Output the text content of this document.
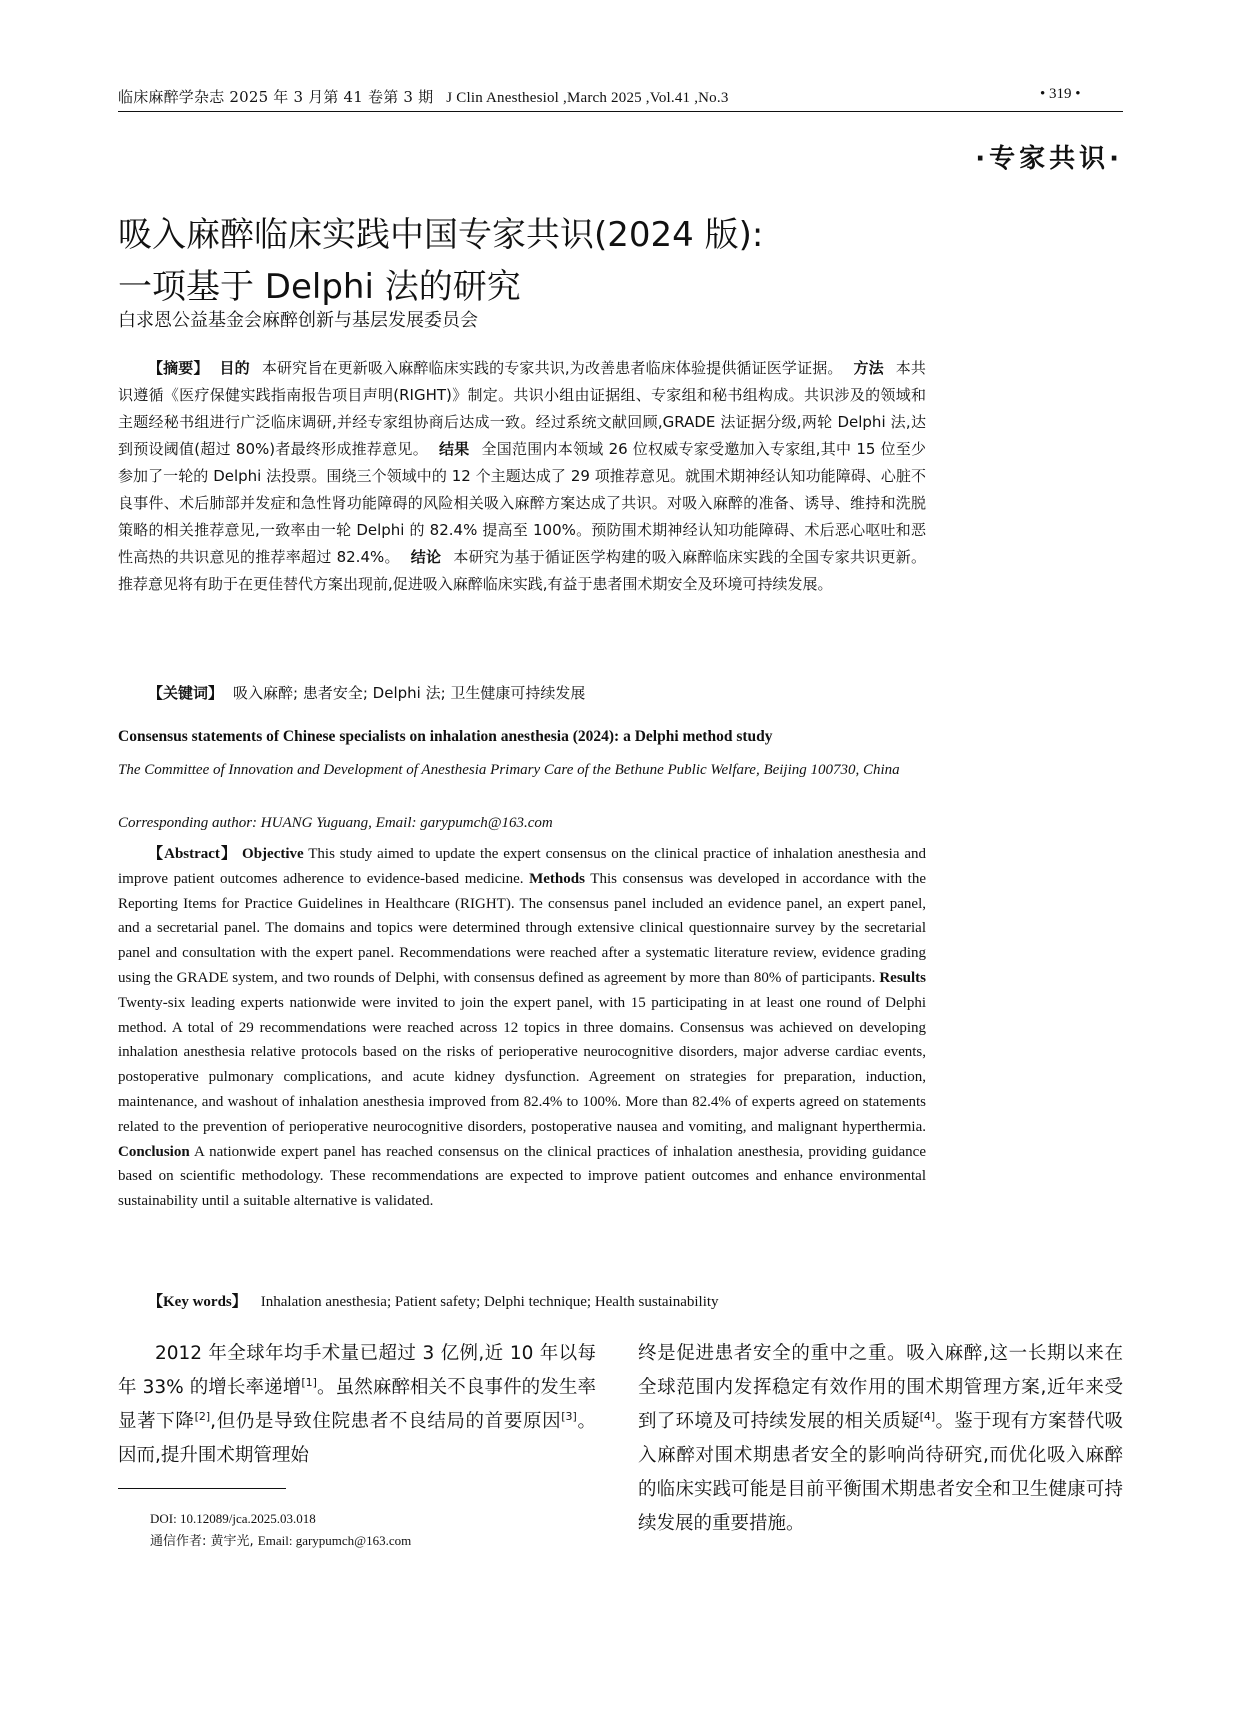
临床麻醉学杂志 2025 年 3 月第 41 卷第 3 期 J Clin Anesthesiol ,March 2025 ,Vol.41 ,No.3	• 319 •
·专家共识·
吸入麻醉临床实践中国专家共识(2024 版):
一项基于 Delphi 法的研究
白求恩公益基金会麻醉创新与基层发展委员会
【摘要】 目的 本研究旨在更新吸入麻醉临床实践的专家共识,为改善患者临床体验提供循证医学证据。 方法 本共识遵循《医疗保健实践指南报告项目声明(RIGHT)》制定。共识小组由证据组、专家组和秘书组构成。共识涉及的领域和主题经秘书组进行广泛临床调研,并经专家组协商后达成一致。经过系统文献回顾,GRADE 法证据分级,两轮 Delphi 法,达到预设阈值(超过 80%)者最终形成推荐意见。 结果 全国范围内本领域 26 位权威专家受邀加入专家组,其中 15 位至少参加了一轮的 Delphi 法投票。围绕三个领域中的 12 个主题达成了 29 项推荐意见。就围术期神经认知功能障碍、心脏不良事件、术后肺部并发症和急性肾功能障碍的风险相关吸入麻醉方案达成了共识。对吸入麻醉的准备、诱导、维持和洗脱策略的相关推荐意见,一致率由一轮 Delphi 的 82.4% 提高至 100%。预防围术期神经认知功能障碍、术后恶心呕吐和恶性高热的共识意见的推荐率超过 82.4%。 结论 本研究为基于循证医学构建的吸入麻醉临床实践的全国专家共识更新。推荐意见将有助于在更佳替代方案出现前,促进吸入麻醉临床实践,有益于患者围术期安全及环境可持续发展。
【关键词】 吸入麻醉; 患者安全; Delphi 法; 卫生健康可持续发展
Consensus statements of Chinese specialists on inhalation anesthesia (2024): a Delphi method study
The Committee of Innovation and Development of Anesthesia Primary Care of the Bethune Public Welfare, Beijing 100730, China
Corresponding author: HUANG Yuguang, Email: garypumch@163.com
【Abstract】 Objective This study aimed to update the expert consensus on the clinical practice of inhalation anesthesia and improve patient outcomes adherence to evidence-based medicine. Methods This consensus was developed in accordance with the Reporting Items for Practice Guidelines in Healthcare (RIGHT). The consensus panel included an evidence panel, an expert panel, and a secretarial panel. The domains and topics were determined through extensive clinical questionnaire survey by the secretarial panel and consultation with the expert panel. Recommendations were reached after a systematic literature review, evidence grading using the GRADE system, and two rounds of Delphi, with consensus defined as agreement by more than 80% of participants. Results Twenty-six leading experts nationwide were invited to join the expert panel, with 15 participating in at least one round of Delphi method. A total of 29 recommendations were reached across 12 topics in three domains. Consensus was achieved on developing inhalation anesthesia relative protocols based on the risks of perioperative neurocognitive disorders, major adverse cardiac events, postoperative pulmonary complications, and acute kidney dysfunction. Agreement on strategies for preparation, induction, maintenance, and washout of inhalation anesthesia improved from 82.4% to 100%. More than 82.4% of experts agreed on statements related to the prevention of perioperative neurocognitive disorders, postoperative nausea and vomiting, and malignant hyperthermia. Conclusion A nationwide expert panel has reached consensus on the clinical practices of inhalation anesthesia, providing guidance based on scientific methodology. These recommendations are expected to improve patient outcomes and enhance environmental sustainability until a suitable alternative is validated.
【Key words】 Inhalation anesthesia; Patient safety; Delphi technique; Health sustainability
2012 年全球年均手术量已超过 3 亿例,近 10 年以每年 33% 的增长率递增[1]。虽然麻醉相关不良事件的发生率显著下降[2],但仍是导致住院患者不良结局的首要原因[3]。因而,提升围术期管理始
终是促进患者安全的重中之重。吸入麻醉,这一长期以来在全球范围内发挥稳定有效作用的围术期管理方案,近年来受到了环境及可持续发展的相关质疑[4]。鉴于现有方案替代吸入麻醉对围术期患者安全的影响尚待研究,而优化吸入麻醉的临床实践可能是目前平衡围术期患者安全和卫生健康可持续发展的重要措施。
DOI: 10.12089/jca.2025.03.018
通信作者: 黄宇光, Email: garypumch@163.com
